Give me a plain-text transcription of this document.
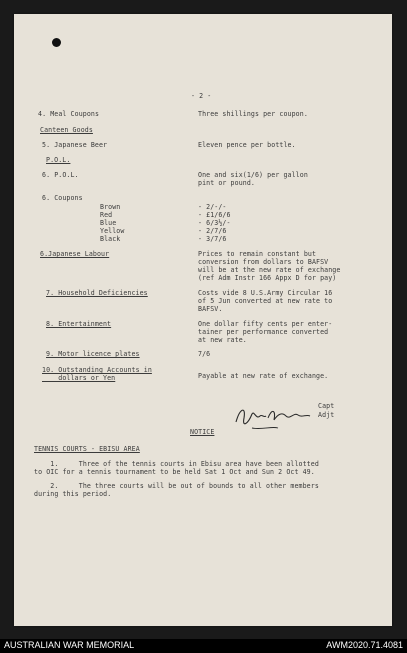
- 2 -
4. Meal Coupons	Three shillings per coupon.
Canteen Goods
5. Japanese Beer	Eleven pence per bottle.
P.O.L.
6. P.O.L.	One and six(1/6) per gallon
pint or pound.
6. Coupons
Brown	- 2/-/-
Red	- £1/6/6
Blue	- 6/3½/-
Yellow	- 2/7/6
Black	- 3/7/6
6.Japanese Labour	Prices to remain constant but
conversion from dollars to BAFSV
will be at the new rate of exchange
(ref Adm Instr 166 Appx D for pay)
7. Household Deficiencies	Costs vide 8 U.S.Army Circular 16
of 5 Jun converted at new rate to
BAFSV.
8. Entertainment	One dollar fifty cents per enter-
tainer per performance converted
at new rate.
9. Motor licence plates	7/6
10. Outstanding Accounts in
dollars or Yen	Payable at new rate of exchange.
Capt
Adjt
NOTICE
TENNIS COURTS - EBISU AREA
1.     Three of the tennis courts in Ebisu area have been allotted
to OIC for a tennis tournament to be held Sat 1 Oct and Sun 2 Oct 49.
2.     The three courts will be out of bounds to all other members
during this period.
AUSTRALIAN WAR MEMORIAL	AWM2020.71.4081
